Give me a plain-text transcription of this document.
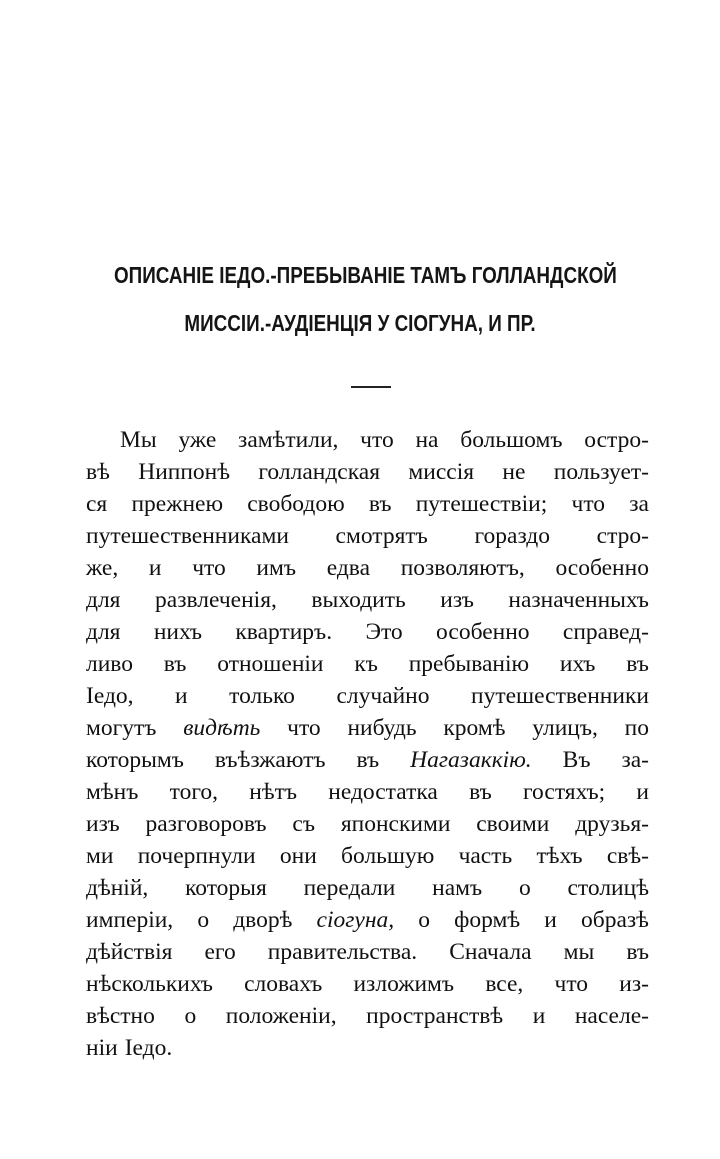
ОПИСАНІЕ ІЕДО.-ПРЕБЫВАНІЕ ТАМЪ ГОЛЛАНДСКОЙ
МИССІИ.-АУДІЕНЦІЯ У СІОГУНА, И ПР.
Мы уже замѣтили, что на большомъ остро-
вѣ Ниппонѣ голландская миссія не пользует-
ся прежнею свободою въ путешествіи; что за
путешественниками смотрятъ гораздо стро-
же, и что имъ едва позволяютъ, особенно
для развлеченія, выходить изъ назначенныхъ
для нихъ квартиръ. Это особенно справед-
ливо въ отношеніи къ пребыванію ихъ въ
Іедо, и только случайно путешественники
могутъ видѣть что нибудь кромѣ улицъ, по
которымъ въѣзжаютъ въ Нагазаккію. Въ за-
мѣнъ того, нѣтъ недостатка въ гостяхъ; и
изъ разговоровъ съ японскими своими друзья-
ми почерпнули они большую часть тѣхъ свѣ-
дѣній, которыя передали намъ о столицѣ
имперіи, о дворѣ сіогуна, о формѣ и образѣ
дѣйствія его правительства. Сначала мы въ
нѣсколькихъ словахъ изложимъ все, что из-
вѣстно о положеніи, пространствѣ и населе-
ніи Іедо.
